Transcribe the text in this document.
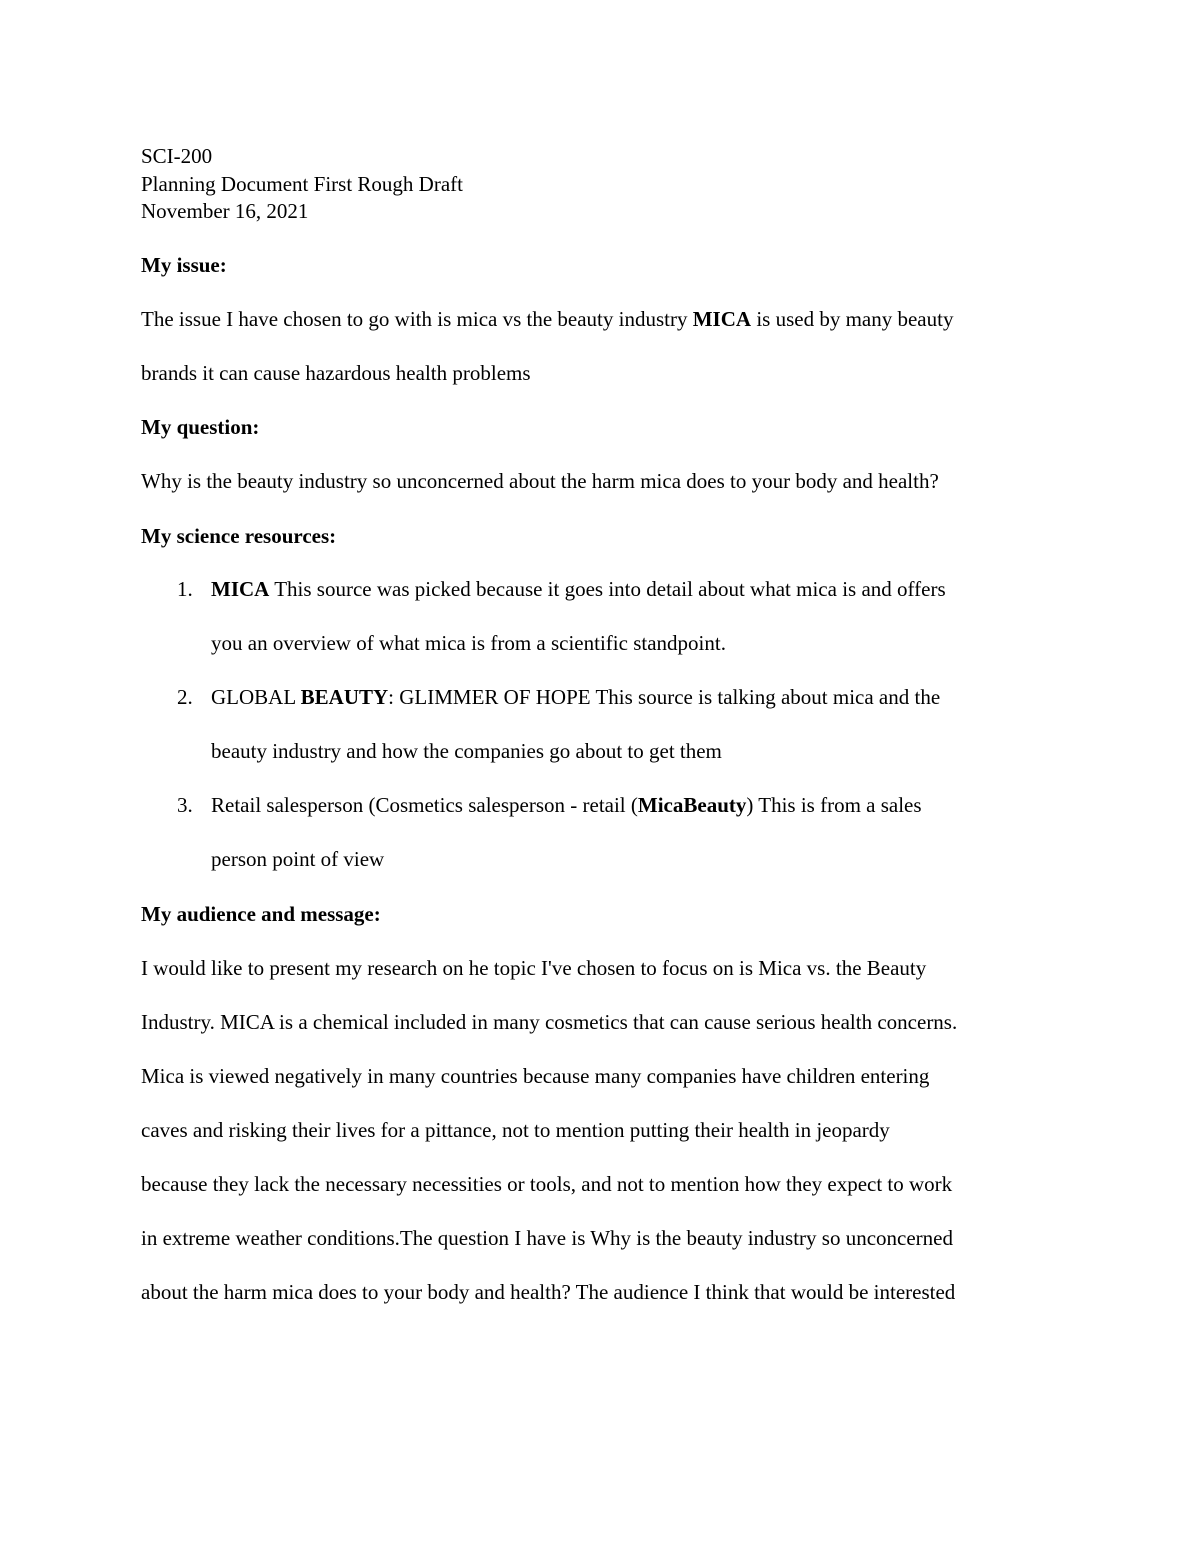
SCI-200
Planning Document First Rough Draft
November 16, 2021
My issue:
The issue I have chosen to go with is mica vs the beauty industry MICA is used by many beauty
brands it can cause hazardous health problems
My question:
Why is the beauty industry so unconcerned about the harm mica does to your body and health?
My science resources:
1. MICA This source was picked because it goes into detail about what mica is and offers
you an overview of what mica is from a scientific standpoint.
2. GLOBAL BEAUTY: GLIMMER OF HOPE This source is talking about mica and the
beauty industry and how the companies go about to get them
3. Retail salesperson (Cosmetics salesperson - retail (MicaBeauty) This is from a sales
person point of view
My audience and message:
I would like to present my research on he topic I've chosen to focus on is Mica vs. the Beauty
Industry. MICA is a chemical included in many cosmetics that can cause serious health concerns.
Mica is viewed negatively in many countries because many companies have children entering
caves and risking their lives for a pittance, not to mention putting their health in jeopardy
because they lack the necessary necessities or tools, and not to mention how they expect to work
in extreme weather conditions.The question I have is Why is the beauty industry so unconcerned
about the harm mica does to your body and health? The audience I think that would be interested
